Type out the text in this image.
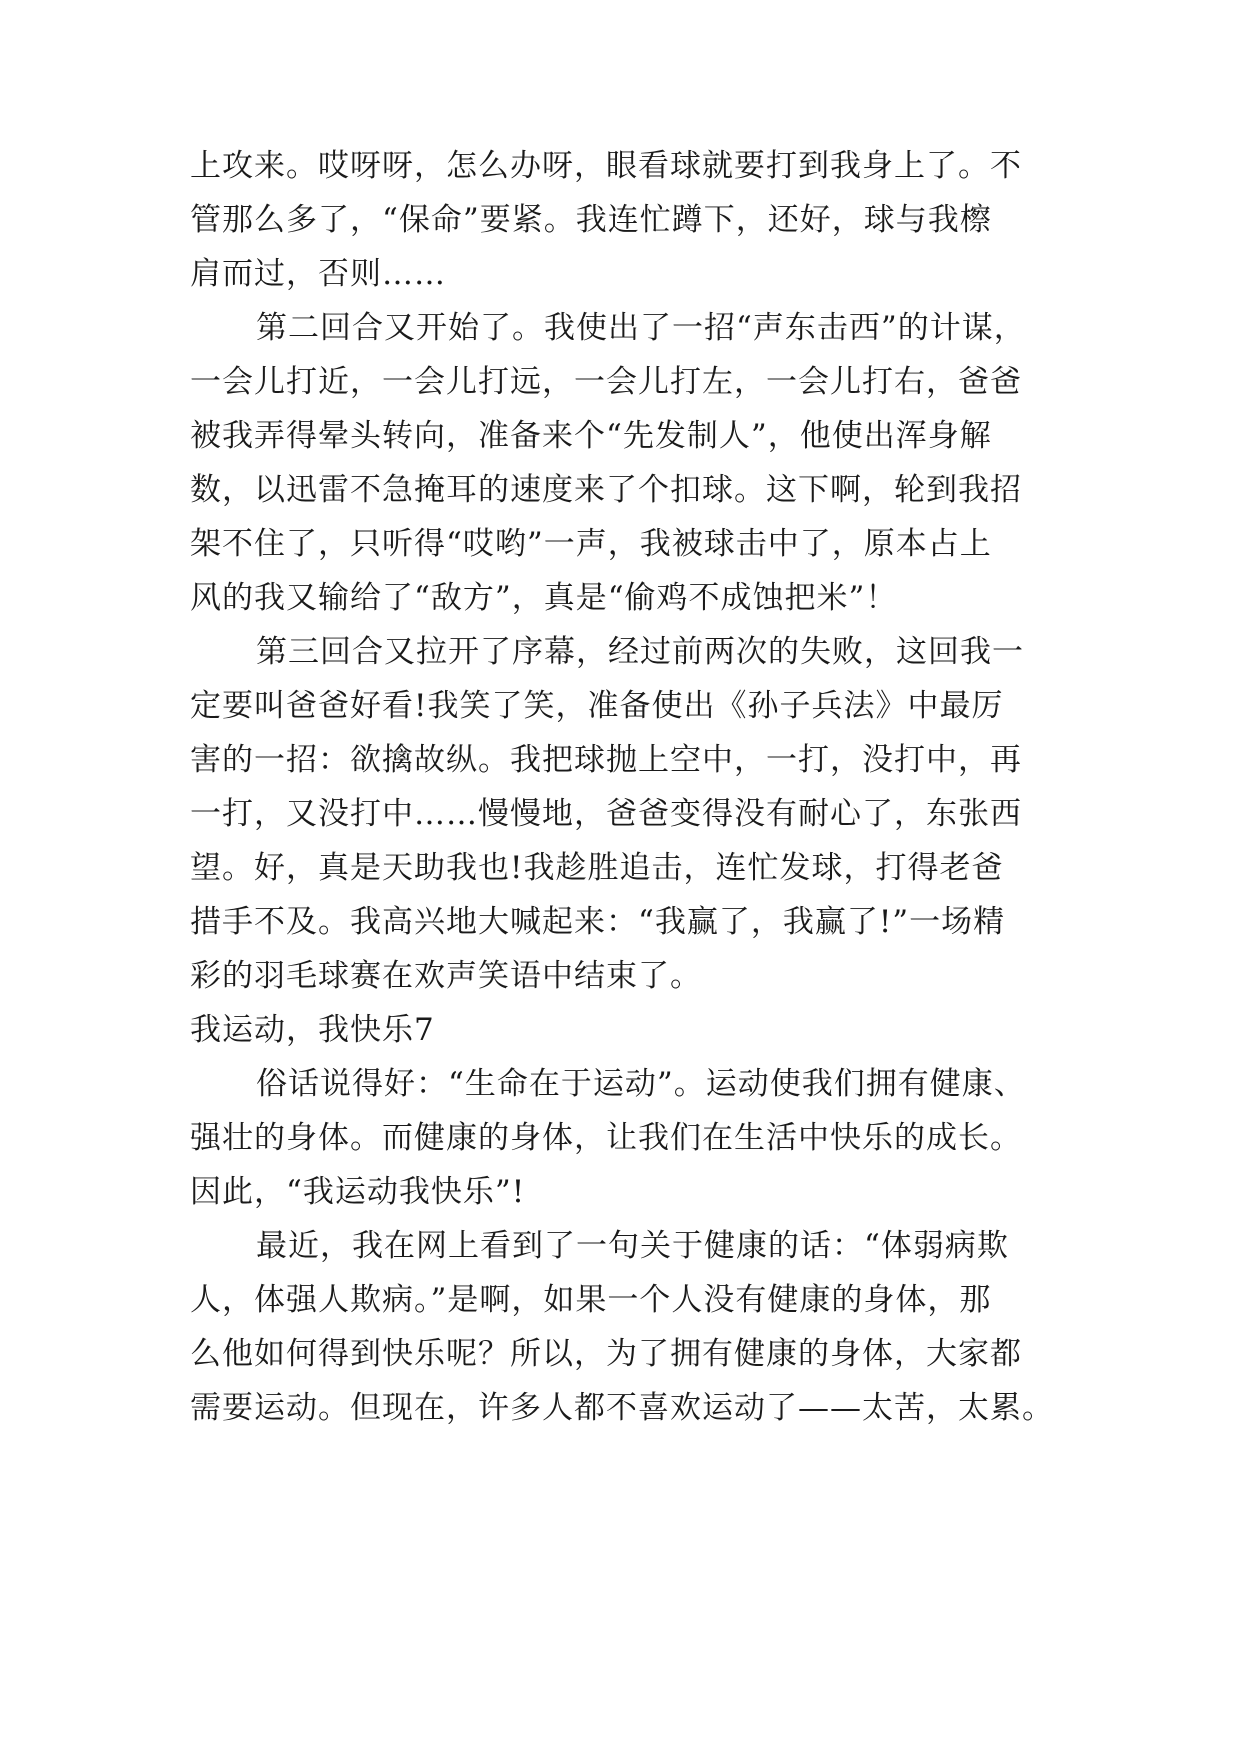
上攻来。哎呀呀，怎么办呀，眼看球就要打到我身上了。不
管那么多了，“保命”要紧。我连忙蹲下，还好，球与我檫
肩而过，否则……
第二回合又开始了。我使出了一招“声东击西”的计谋，
一会儿打近，一会儿打远，一会儿打左，一会儿打右，爸爸
被我弄得晕头转向，准备来个“先发制人”，他使出浑身解
数，以迅雷不急掩耳的速度来了个扣球。这下啊，轮到我招
架不住了，只听得“哎哟”一声，我被球击中了，原本占上
风的我又输给了“敌方”，真是“偷鸡不成蚀把米”！
第三回合又拉开了序幕，经过前两次的失败，这回我一
定要叫爸爸好看!我笑了笑，准备使出《孙子兵法》中最厉
害的一招：欲擒故纵。我把球抛上空中，一打，没打中，再
一打，又没打中……慢慢地，爸爸变得没有耐心了，东张西
望。好，真是天助我也!我趁胜追击，连忙发球，打得老爸
措手不及。我高兴地大喊起来：“我赢了，我赢了!”一场精
彩的羽毛球赛在欢声笑语中结束了。
我运动，我快乐7
俗话说得好：“生命在于运动”。运动使我们拥有健康、
强壮的身体。而健康的身体，让我们在生活中快乐的成长。
因此，“我运动我快乐”!
最近，我在网上看到了一句关于健康的话：“体弱病欺
人，体强人欺病。”是啊，如果一个人没有健康的身体，那
么他如何得到快乐呢？所以，为了拥有健康的身体，大家都
需要运动。但现在，许多人都不喜欢运动了——太苦，太累。
